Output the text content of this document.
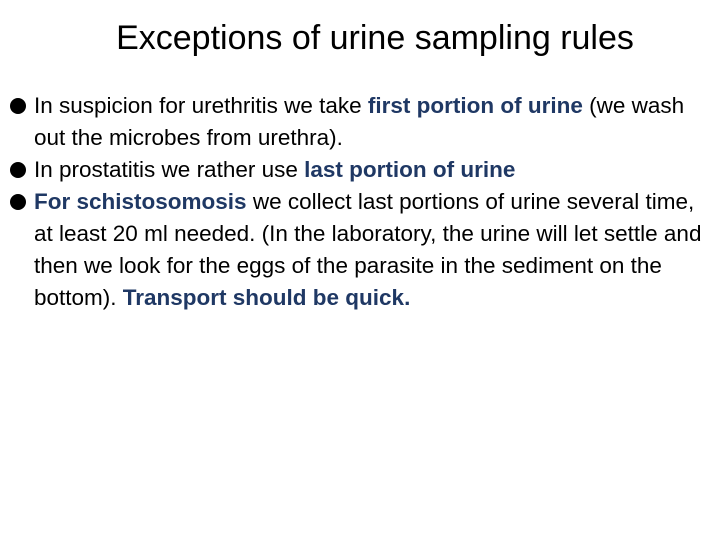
Exceptions of urine sampling rules
In suspicion for urethritis we take first portion of urine (we wash out the microbes from urethra).
In prostatitis we rather use last portion of urine
For schistosomosis we collect last portions of urine several time, at least 20 ml needed. (In the laboratory, the urine will let settle and then we look for the eggs of the parasite in the sediment on the bottom). Transport should be quick.
